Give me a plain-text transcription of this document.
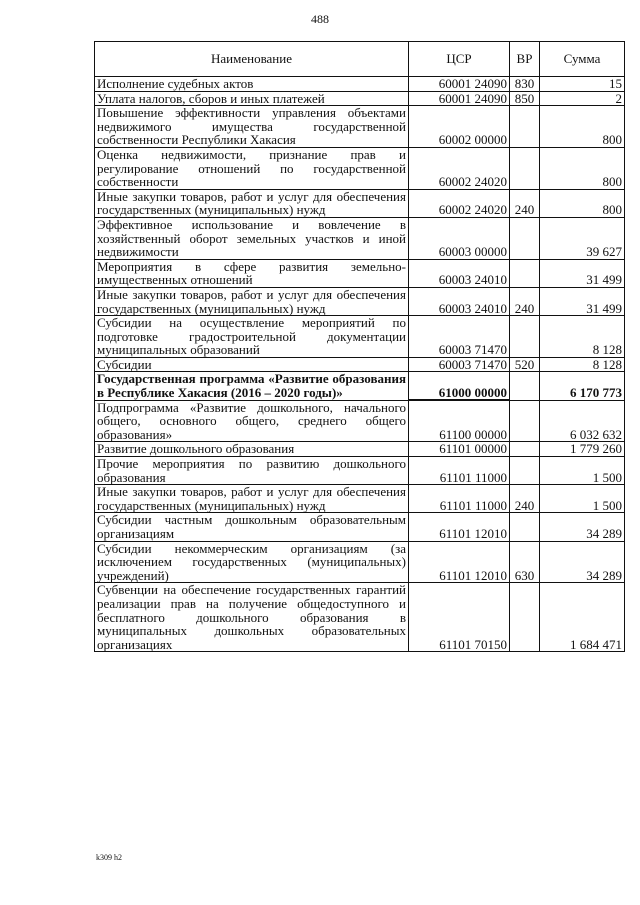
488
Наименование	ЦСР	ВР	Сумма
Исполнение судебных актов	60001 24090	830	15
Уплата налогов, сборов и иных платежей	60001 24090	850	2
Повышение эффективности управления объектами недвижимого имущества государственной собственности Республики Хакасия	60002 00000		800
Оценка недвижимости, признание прав и регулирование отношений по государственной собственности	60002 24020		800
Иные закупки товаров, работ и услуг для обеспечения государственных (муниципальных) нужд	60002 24020	240	800
Эффективное использование и вовлечение в хозяйственный оборот земельных участков и иной недвижимости	60003 00000		39 627
Мероприятия в сфере развития земельно-имущественных отношений	60003 24010		31 499
Иные закупки товаров, работ и услуг для обеспечения государственных (муниципальных) нужд	60003 24010	240	31 499
Субсидии на осуществление мероприятий по подготовке градостроительной документации муниципальных образований	60003 71470		8 128
Субсидии	60003 71470	520	8 128
Государственная программа «Развитие образования в Республике Хакасия (2016 – 2020 годы)»	61000 00000		6 170 773
Подпрограмма «Развитие дошкольного, начального общего, основного общего, среднего общего образования»	61100 00000		6 032 632
Развитие дошкольного образования	61101 00000		1 779 260
Прочие мероприятия по развитию дошкольного образования	61101 11000		1 500
Иные закупки товаров, работ и услуг для обеспечения государственных (муниципальных) нужд	61101 11000	240	1 500
Субсидии частным дошкольным образовательным организациям	61101 12010		34 289
Субсидии некоммерческим организациям (за исключением государственных (муниципальных) учреждений)	61101 12010	630	34 289
Субвенции на обеспечение государственных гарантий реализации прав на получение общедоступного и бесплатного дошкольного образования в муниципальных дошкольных образовательных организациях	61101 70150		1 684 471
k309 h2
